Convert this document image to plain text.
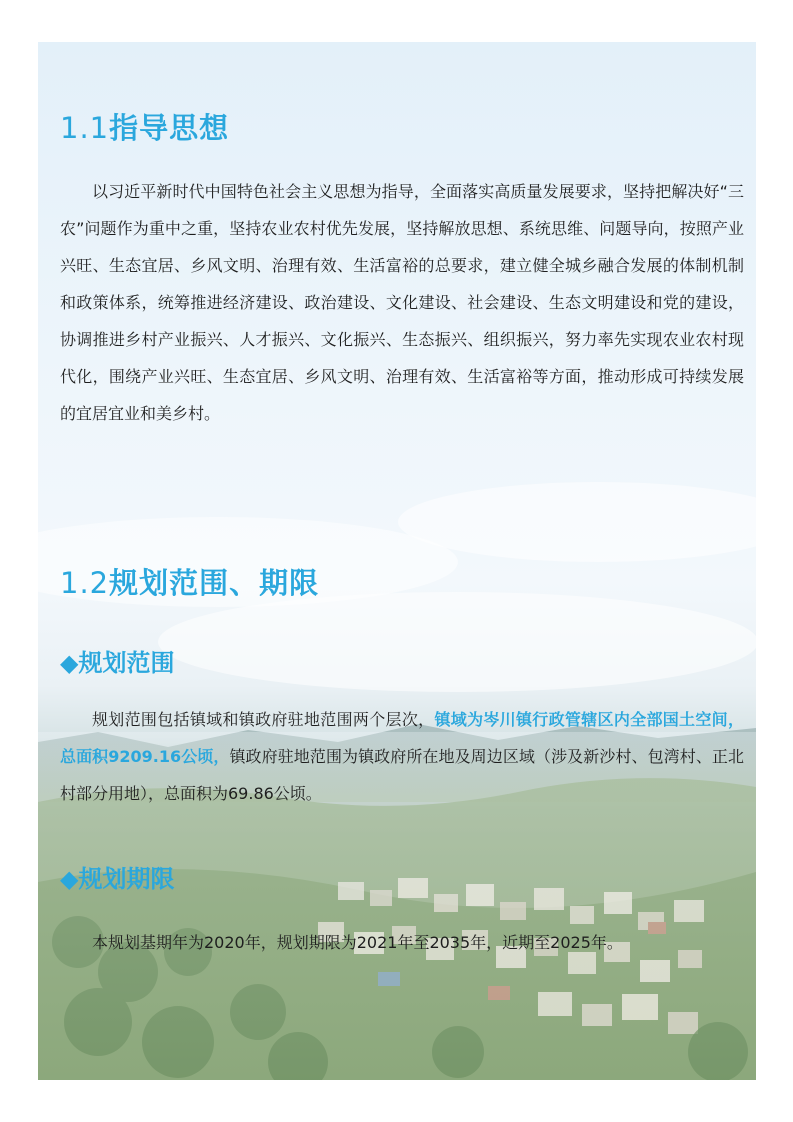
1.1指导思想

以习近平新时代中国特色社会主义思想为指导，全面落实高质量发展要求，坚持把解决好“三农”问题作为重中之重，坚持农业农村优先发展，坚持解放思想、系统思维、问题导向，按照产业兴旺、生态宜居、乡风文明、治理有效、生活富裕的总要求，建立健全城乡融合发展的体制机制和政策体系，统筹推进经济建设、政治建设、文化建设、社会建设、生态文明建设和党的建设，协调推进乡村产业振兴、人才振兴、文化振兴、生态振兴、组织振兴，努力率先实现农业农村现代化，围绕产业兴旺、生态宜居、乡风文明、治理有效、生活富裕等方面，推动形成可持续发展的宜居宜业和美乡村。

1.2规划范围、期限
◆规划范围

规划范围包括镇域和镇政府驻地范围两个层次，镇域为岑川镇行政管辖区内全部国土空间，总面积9209.16公顷，镇政府驻地范围为镇政府所在地及周边区域（涉及新沙村、包湾村、正北村部分用地），总面积为69.86公顷。

◆规划期限

本规划基期年为2020年，规划期限为2021年至2035年，近期至2025年。
